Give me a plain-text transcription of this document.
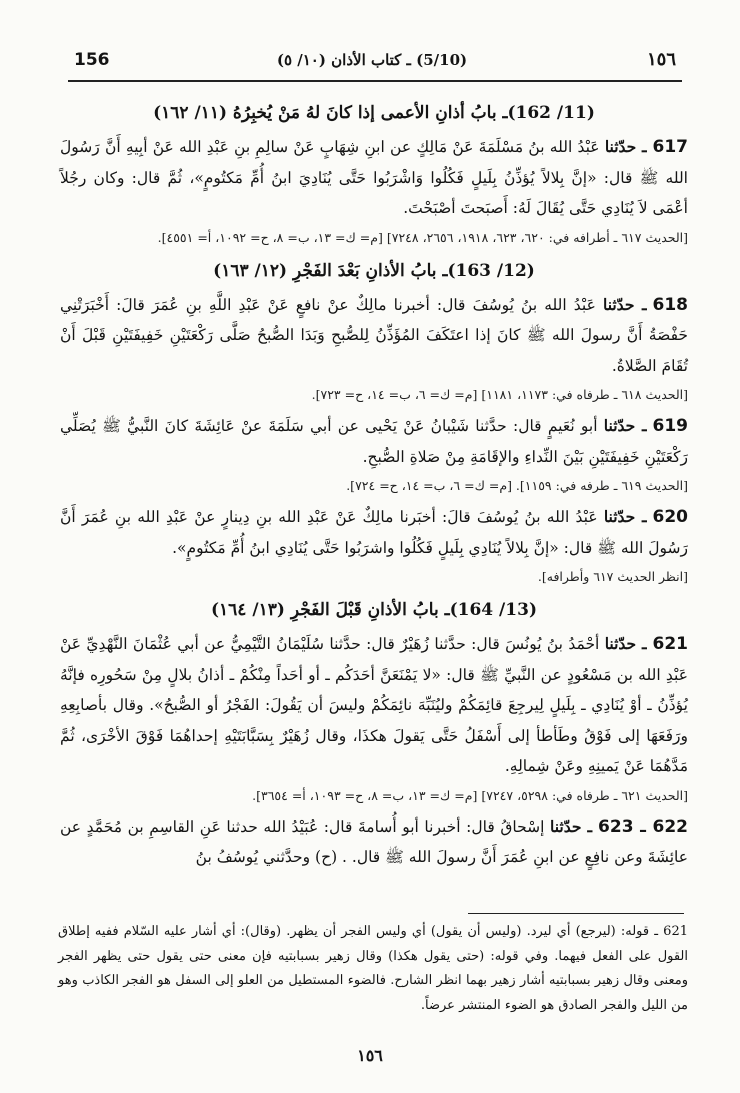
156	(5/10) ـ كتاب الأذان (١٠/ ٥)	١٥٦
(11/ 162)ـ بابُ أذانِ الأعمى إذا كانَ لهُ مَنْ يُخبِرُهُ (١١/ ١٦٢)

617ـ حدّثنا عَبْدُ الله بنُ مَسْلَمَةَ عَنْ مَالِكٍ عن ابنِ شِهَابٍ عَنْ سالِمِ بنِ عَبْدِ الله عَنْ أبِيهِ أَنَّ رَسُولَ الله ﷺ قال: «إنَّ بِلالاً يُؤذِّنُ بِلَيلٍ فَكُلُوا وَاشْرَبُوا حَتَّى يُنَادِيَ ابنُ أُمِّ مَكتُومٍ»، ثُمَّ قال: وكان رجُلاً أعْمَى لاَ يُنَادِي حَتَّى يُقَالَ لَهُ: أَصبَحتَ أصْبَحْتَ.

[الحديث ٦١٧ ـ أطرافه في: ٦٢٠، ٦٢٣، ١٩١٨، ٢٦٥٦، ٧٢٤٨] [م= ك= ١٣، ب= ٨، ح= ١٠٩٢، أ= ٤٥٥١].

(12/ 163)ـ بابُ الأذانِ بَعْدَ الفَجْرِ (١٢/ ١٦٣)

618ـ حدّثنا عَبْدُ الله بنُ يُوسُفَ قال: أخبرنا مالِكٌ عنْ نافعٍ عَنْ عَبْدِ اللَّهِ بنِ عُمَرَ قالَ: أَخْبَرَتْنِي حَفْصَةُ أَنَّ رسولَ الله ﷺ كانَ إذا اعتَكَفَ المُؤَذِّنُ لِلصُّبحِ وَبَدَا الصُّبحُ صَلَّى رَكْعَتَيْنِ خَفِيفَتَيْنِ قَبْلَ أَنْ تُقَامَ الصَّلاةُ.

[الحديث ٦١٨ ـ طرفاه في: ١١٧٣، ١١٨١] [م= ك= ٦، ب= ١٤، ح= ٧٢٣].

619ـ حدّثنا أبو نُعَيمٍ قال: حدَّثنا شَيْبانُ عَنْ يَحْيى عن أبي سَلَمَةَ عنْ عَائِشَةَ كانَ النَّبيُّ ﷺ يُصَلِّي رَكْعَتَيْنِ خَفِيفَتَيْنِ بَيْنَ النِّداءِ والإقَامَةِ مِنْ صَلاةِ الصُّبحِ.

[الحديث ٦١٩ ـ طرفه في: ١١٥٩]. [م= ك= ٦، ب= ١٤، ح= ٧٢٤].

620ـ حدّثنا عَبْدُ الله بنُ يُوسُفَ قالَ: أخبَرنا مالِكٌ عَنْ عَبْدِ الله بنِ دِينارٍ عنْ عَبْدِ الله بنِ عُمَرَ أَنَّ رَسُولَ الله ﷺ قال: «إنَّ بِلالاً يُنَادِي بِلَيلٍ فَكُلُوا واشرَبُوا حَتَّى يُنَادِي ابنُ أُمِّ مَكتُومٍ».

[انظر الحديث ٦١٧ وأطرافه].

(13/ 164)ـ بابُ الأذانِ قَبْلَ الفَجْرِ (١٣/ ١٦٤)

621ـ حدّثنا أحْمَدُ بنُ يُونُسَ قال: حدَّثنا زُهَيْرٌ قال: حدَّثنا سُلَيْمَانُ التَّيْمِيُّ عن أبي عُثْمَانَ النَّهْدِيِّ عَنْ عَبْدِ الله بن مَسْعُودٍ عن النَّبيِّ ﷺ قال: «لا يَمْنَعَنَّ أحَدَكُم ـ أو أحَداً مِنْكُمْ ـ أذانُ بلالٍ مِنْ سَحُورِه فإنَّهُ يُؤذِّنُ ـ أوْ يُنَادِي ـ بِلَيلٍ لِيرجِعَ قائِمَكُمْ وليُنَبِّهَ نائِمَكُمْ وليسَ أن يَقُولَ: الفَجْرُ أو الصُّبحُ». وقال بأصابِعِهِ ورَفَعَهَا إلى فَوْقُ وطَأطأ إلى أَسْفَلُ حَتَّى يَقولَ هكذَا، وقال زُهَيْرٌ بِسَبَّابَتَيْهِ إحداهُمَا فَوْقَ الأخْرَى، ثُمَّ مَدَّهُمَا عَنْ يَمينِهِ وعَنْ شِمالِهِ.

[الحديث ٦٢١ ـ طرفاه في: ٥٢٩٨، ٧٢٤٧] [م= ك= ١٣، ب= ٨، ح= ١٠٩٣، أ= ٣٦٥٤].

622 ـ 623ـ حدّثنا إسْحاقُ قال: أخبرنا أبو أُسامةَ قال: عُبَيْدُ الله حدثنا عَنِ القاسِمِ بن مُحَمَّدٍ عن عائِشَةَ وعن نافِعٍ عن ابنِ عُمَرَ أَنَّ رسولَ الله ﷺ قال. . (ح) وحدَّثني يُوسُفُ بنُ

621 ـ قوله: (ليرجع) أي ليرد. (وليس أن يقول) أي وليس الفجر أن يظهر. (وقال): أي أشار عليه السّلام ففيه إطلاق القول على الفعل فيهما. وفي قوله: (حتى يقول هكذا) وقال زهير بسبابتيه فإن معنى حتى يقول حتى يظهر الفجر ومعنى وقال زهير بسبابتيه أشار زهير بهما انظر الشارح. فالضوء المستطيل من العلو إلى السفل هو الفجر الكاذب وهو من الليل والفجر الصادق هو الضوء المنتشر عرضاً.
١٥٦
